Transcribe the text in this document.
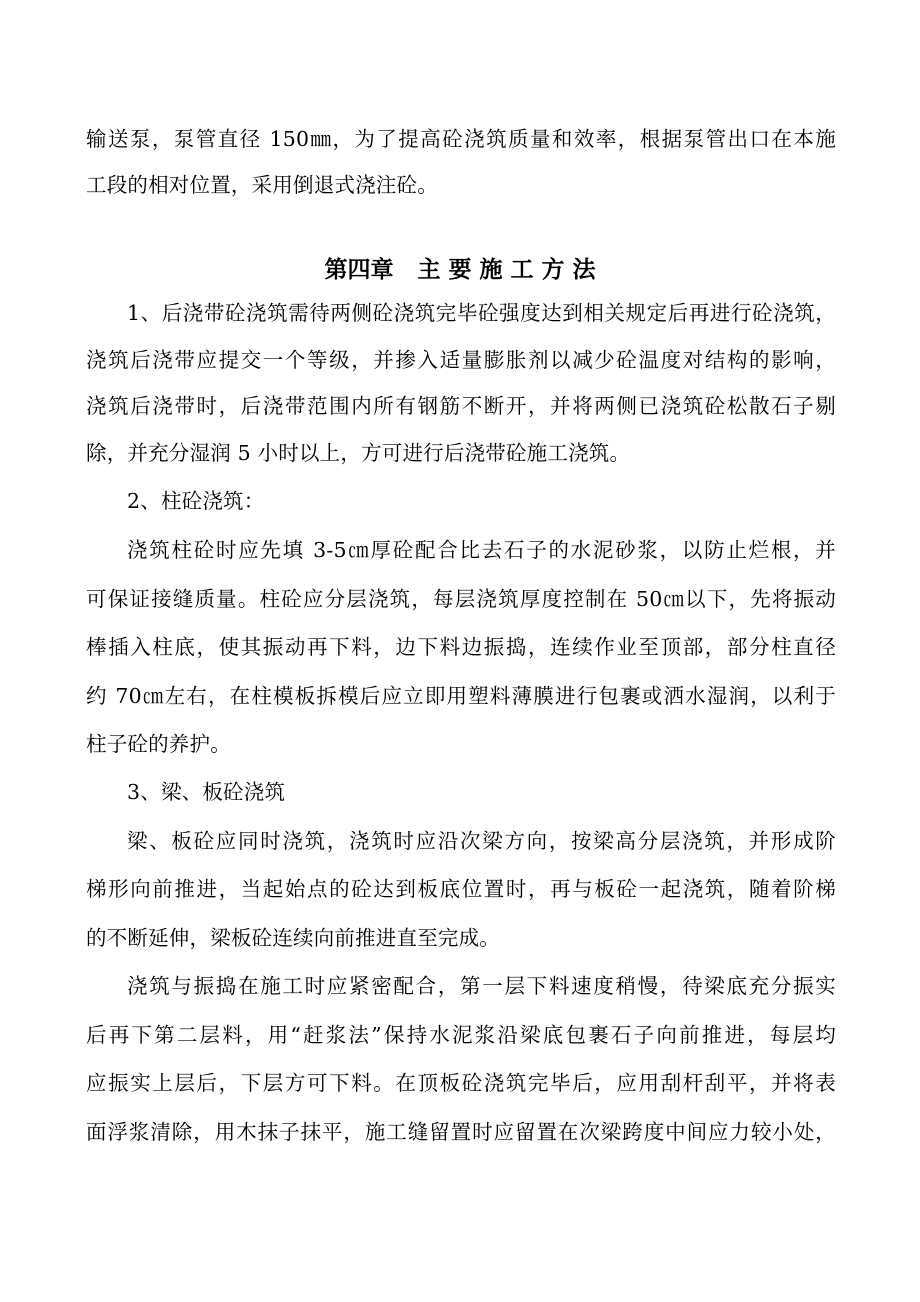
输送泵，泵管直径 150㎜，为了提高砼浇筑质量和效率，根据泵管出口在本施
工段的相对位置，采用倒退式浇注砼。
第四章   主 要 施 工 方 法
1、后浇带砼浇筑需待两侧砼浇筑完毕砼强度达到相关规定后再进行砼浇筑，
浇筑后浇带应提交一个等级，并掺入适量膨胀剂以减少砼温度对结构的影响，
浇筑后浇带时，后浇带范围内所有钢筋不断开，并将两侧已浇筑砼松散石子剔
除，并充分湿润 5 小时以上，方可进行后浇带砼施工浇筑。
2、柱砼浇筑：
浇筑柱砼时应先填 3-5㎝厚砼配合比去石子的水泥砂浆，以防止烂根，并
可保证接缝质量。柱砼应分层浇筑，每层浇筑厚度控制在 50㎝以下，先将振动
棒插入柱底，使其振动再下料，边下料边振捣，连续作业至顶部，部分柱直径
约 70㎝左右，在柱模板拆模后应立即用塑料薄膜进行包裹或洒水湿润，以利于
柱子砼的养护。
3、梁、板砼浇筑
梁、板砼应同时浇筑，浇筑时应沿次梁方向，按梁高分层浇筑，并形成阶
梯形向前推进，当起始点的砼达到板底位置时，再与板砼一起浇筑，随着阶梯
的不断延伸，梁板砼连续向前推进直至完成。
浇筑与振捣在施工时应紧密配合，第一层下料速度稍慢，待梁底充分振实
后再下第二层料，用“赶浆法”保持水泥浆沿梁底包裹石子向前推进，每层均
应振实上层后，下层方可下料。在顶板砼浇筑完毕后，应用刮杆刮平，并将表
面浮浆清除，用木抹子抹平，施工缝留置时应留置在次梁跨度中间应力较小处，
